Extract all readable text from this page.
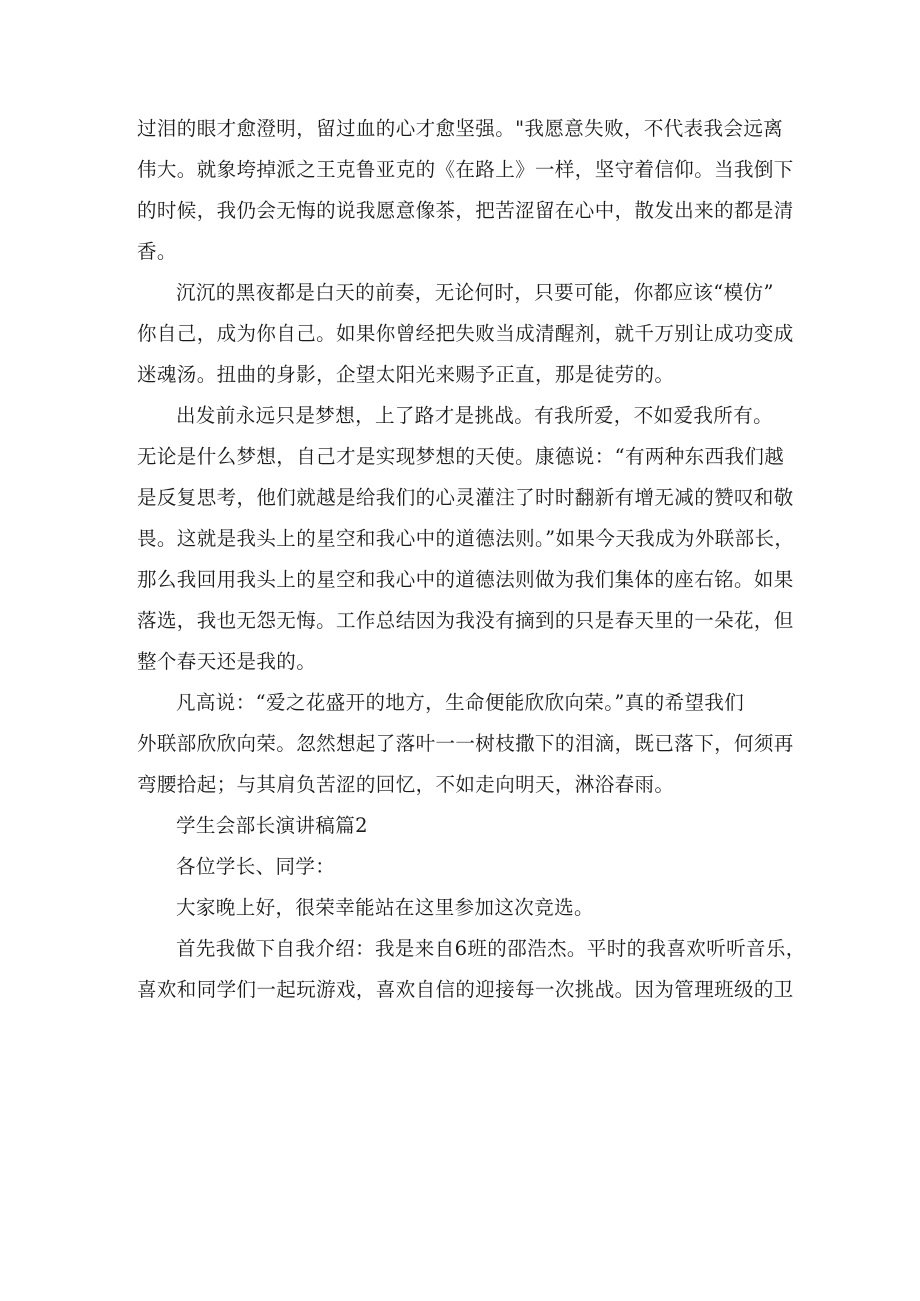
过泪的眼才愈澄明，留过血的心才愈坚强。"我愿意失败，不代表我会远离
伟大。就象垮掉派之王克鲁亚克的《在路上》一样，坚守着信仰。当我倒下
的时候，我仍会无悔的说我愿意像茶，把苦涩留在心中，散发出来的都是清
香。
沉沉的黑夜都是白天的前奏，无论何时，只要可能，你都应该“模仿”
你自己，成为你自己。如果你曾经把失败当成清醒剂，就千万别让成功变成
迷魂汤。扭曲的身影，企望太阳光来赐予正直，那是徒劳的。
出发前永远只是梦想，上了路才是挑战。有我所爱，不如爱我所有。
无论是什么梦想，自己才是实现梦想的天使。康德说：“有两种东西我们越
是反复思考，他们就越是给我们的心灵灌注了时时翻新有增无减的赞叹和敬
畏。这就是我头上的星空和我心中的道德法则。”如果今天我成为外联部长，
那么我回用我头上的星空和我心中的道德法则做为我们集体的座右铭。如果
落选，我也无怨无悔。工作总结因为我没有摘到的只是春天里的一朵花，但
整个春天还是我的。
凡高说：“爱之花盛开的地方，生命便能欣欣向荣。”真的希望我们
外联部欣欣向荣。忽然想起了落叶一一树枝撒下的泪滴，既已落下，何须再
弯腰拾起；与其肩负苦涩的回忆，不如走向明天，淋浴春雨。
学生会部长演讲稿篇2
各位学长、同学：
大家晚上好，很荣幸能站在这里参加这次竞选。
首先我做下自我介绍：我是来自6班的邵浩杰。平时的我喜欢听听音乐，
喜欢和同学们一起玩游戏，喜欢自信的迎接每一次挑战。因为管理班级的卫
